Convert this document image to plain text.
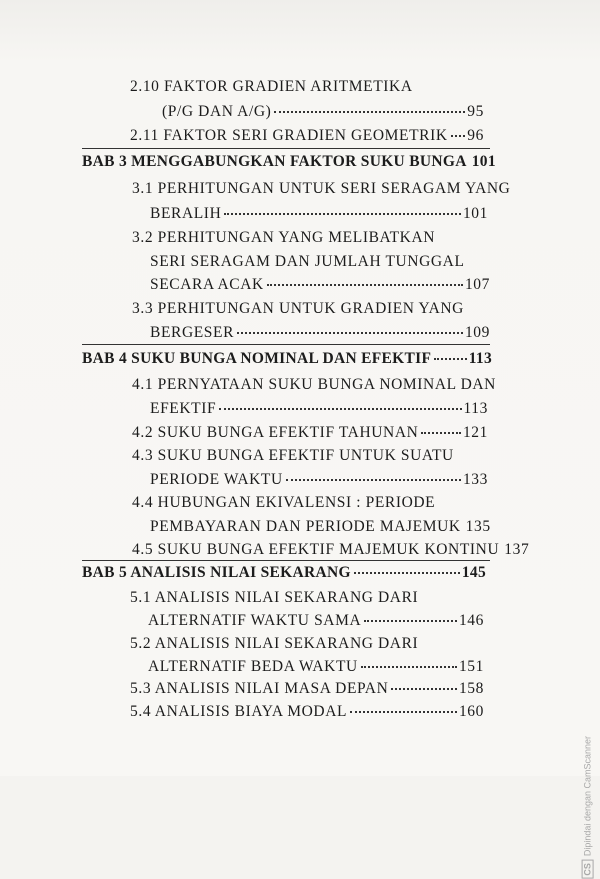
2.10 FAKTOR GRADIEN ARITMETIKA
(P/G DAN A/G)	95
2.11 FAKTOR SERI GRADIEN GEOMETRIK 96
BAB 3 MENGGABUNGKAN FAKTOR SUKU BUNGA 101
3.1 PERHITUNGAN UNTUK SERI SERAGAM YANG
BERALIH	101
3.2 PERHITUNGAN YANG MELIBATKAN
SERI SERAGAM DAN JUMLAH TUNGGAL
SECARA ACAK	107
3.3 PERHITUNGAN UNTUK GRADIEN YANG
BERGESER	109
BAB 4 SUKU BUNGA NOMINAL DAN EFEKTIF 113
4.1 PERNYATAAN SUKU BUNGA NOMINAL DAN
EFEKTIF	113
4.2 SUKU BUNGA EFEKTIF TAHUNAN	121
4.3 SUKU BUNGA EFEKTIF UNTUK SUATU
PERIODE WAKTU	133
4.4 HUBUNGAN EKIVALENSI : PERIODE
PEMBAYARAN DAN PERIODE MAJEMUK 135
4.5 SUKU BUNGA EFEKTIF MAJEMUK KONTINU 137
BAB 5 ANALISIS NILAI SEKARANG	145
5.1 ANALISIS NILAI SEKARANG DARI
ALTERNATIF WAKTU SAMA	146
5.2 ANALISIS NILAI SEKARANG DARI
ALTERNATIF BEDA WAKTU	151
5.3 ANALISIS NILAI MASA DEPAN	158
5.4 ANALISIS BIAYA MODAL	160
CSDipindai dengan CamScanner
